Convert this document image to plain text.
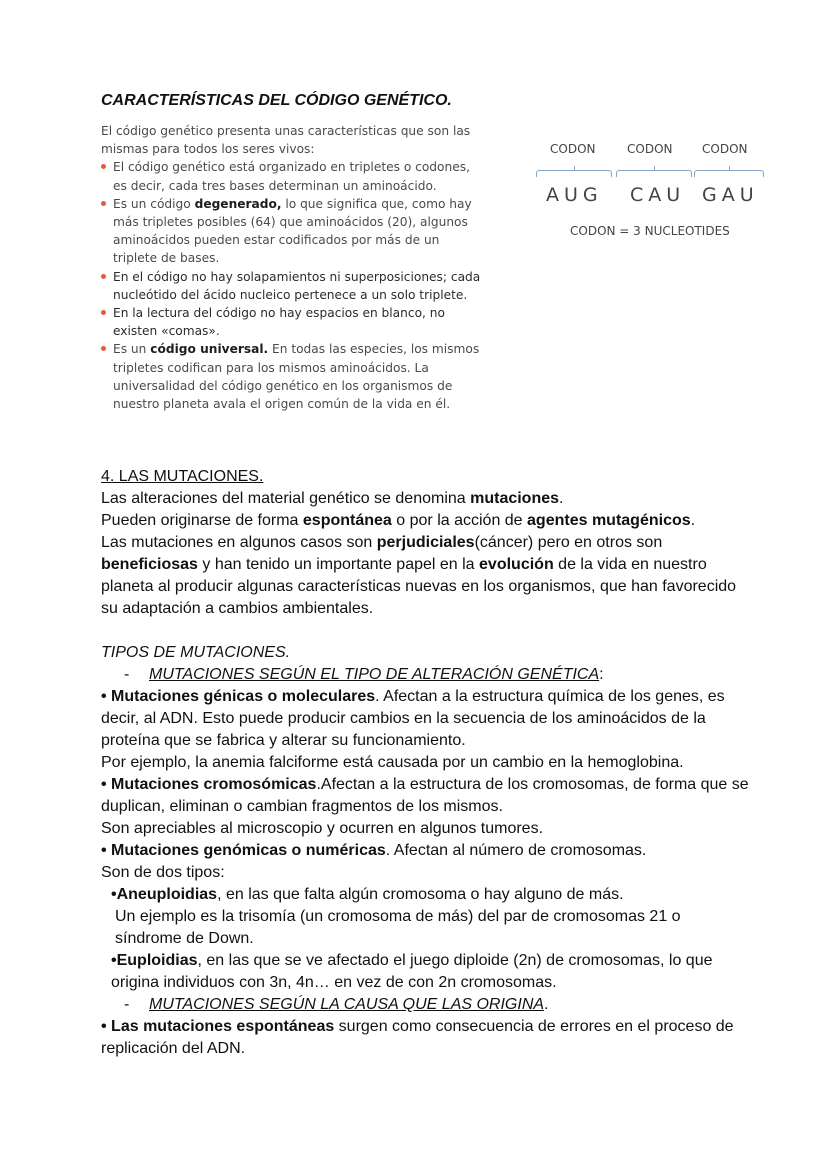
CARACTERÍSTICAS DEL CÓDIGO GENÉTICO.

El código genético presenta unas características que son las mismas para todos los seres vivos:

El código genético está organizado en tripletes o codones, es decir, cada tres bases determinan un aminoácido.
Es un código degenerado, lo que significa que, como hay más tripletes posibles (64) que aminoácidos (20), algunos aminoácidos pueden estar codificados por más de un triplete de bases.
En el código no hay solapamientos ni superposiciones; cada nucleótido del ácido nucleico pertenece a un solo triplete.
En la lectura del código no hay espacios en blanco, no existen «comas».
Es un código universal. En todas las especies, los mismos tripletes codifican para los mismos aminoácidos. La universalidad del código genético en los organismos de nuestro planeta avala el origen común de la vida en él.
CODON	CODON CODON
AUG CAU GAU
CODON = 3 NUCLEOTIDES

4. LAS MUTACIONES.

Las alteraciones del material genético se denomina mutaciones.

Pueden originarse de forma espontánea o por la acción de agentes mutagénicos.

Las mutaciones en algunos casos son perjudiciales(cáncer) pero en otros son beneficiosas y han tenido un importante papel en la evolución de la vida en nuestro planeta al producir algunas características nuevas en los organismos, que han favorecido su adaptación a cambios ambientales.

TIPOS DE MUTACIONES.

- MUTACIONES SEGÚN EL TIPO DE ALTERACIÓN GENÉTICA:

• Mutaciones génicas o moleculares. Afectan a la estructura química de los genes, es decir, al ADN. Esto puede producir cambios en la secuencia de los aminoácidos de la proteína que se fabrica y alterar su funcionamiento.

Por ejemplo, la anemia falciforme está causada por un cambio en la hemoglobina.

• Mutaciones cromosómicas.Afectan a la estructura de los cromosomas, de forma que se duplican, eliminan o cambian fragmentos de los mismos.

Son apreciables al microscopio y ocurren en algunos tumores.

• Mutaciones genómicas o numéricas. Afectan al número de cromosomas.

Son de dos tipos:

•Aneuploidias, en las que falta algún cromosoma o hay alguno de más.

Un ejemplo es la trisomía (un cromosoma de más) del par de cromosomas 21 o síndrome de Down.

•Euploidias, en las que se ve afectado el juego diploide (2n) de cromosomas, lo que origina individuos con 3n, 4n… en vez de con 2n cromosomas.

- MUTACIONES SEGÚN LA CAUSA QUE LAS ORIGINA.

• Las mutaciones espontáneas surgen como consecuencia de errores en el proceso de replicación del ADN.
